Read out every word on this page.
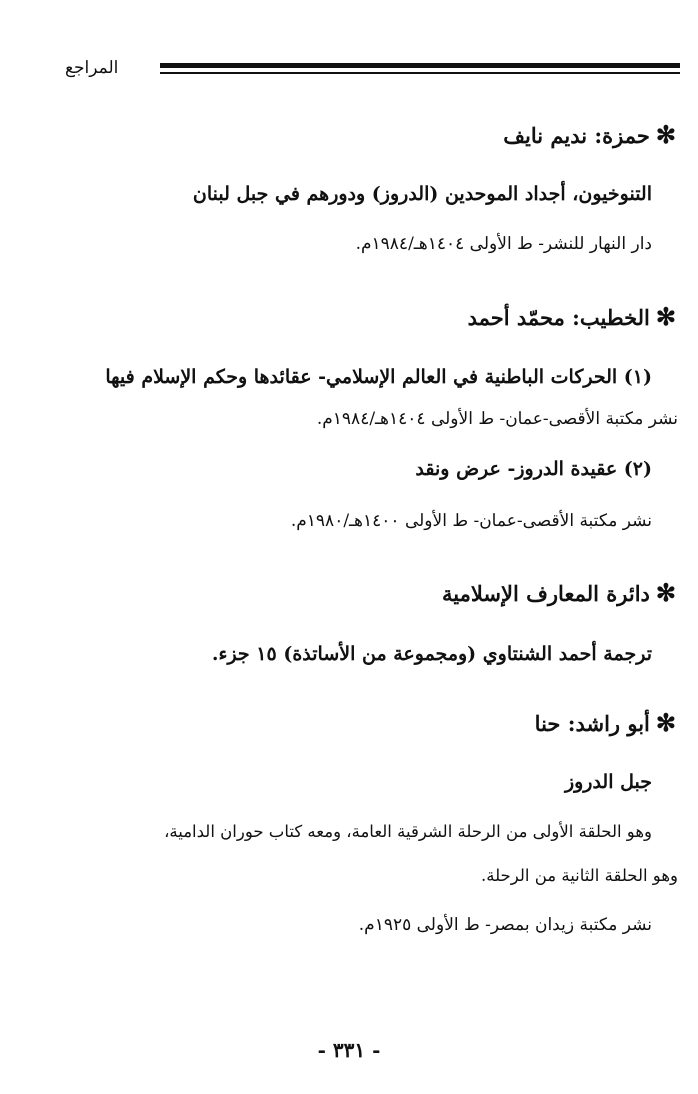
المراجع
✻حمزة: نديم نايف
التنوخيون، أجداد الموحدين (الدروز) ودورهم في جبل لبنان
دار النهار للنشر- ط الأولى ١٤٠٤هـ/١٩٨٤م.
✻الخطيب: محمّد أحمد
(١) الحركات الباطنية في العالم الإسلامي- عقائدها وحكم الإسلام فيها
نشر مكتبة الأقصى-عمان- ط الأولى ١٤٠٤هـ/١٩٨٤م.
(٢) عقيدة الدروز- عرض ونقد
نشر مكتبة الأقصى-عمان- ط الأولى ١٤٠٠هـ/١٩٨٠م.
✻دائرة المعارف الإسلامية
ترجمة أحمد الشنتاوي (ومجموعة من الأساتذة) ١٥ جزء.
✻أبو راشد: حنا
جبل الدروز
وهو الحلقة الأولى من الرحلة الشرقية العامة، ومعه كتاب حوران الدامية،
وهو الحلقة الثانية من الرحلة.
نشر مكتبة زيدان بمصر- ط الأولى ١٩٢٥م.
- ٣٣١ -
